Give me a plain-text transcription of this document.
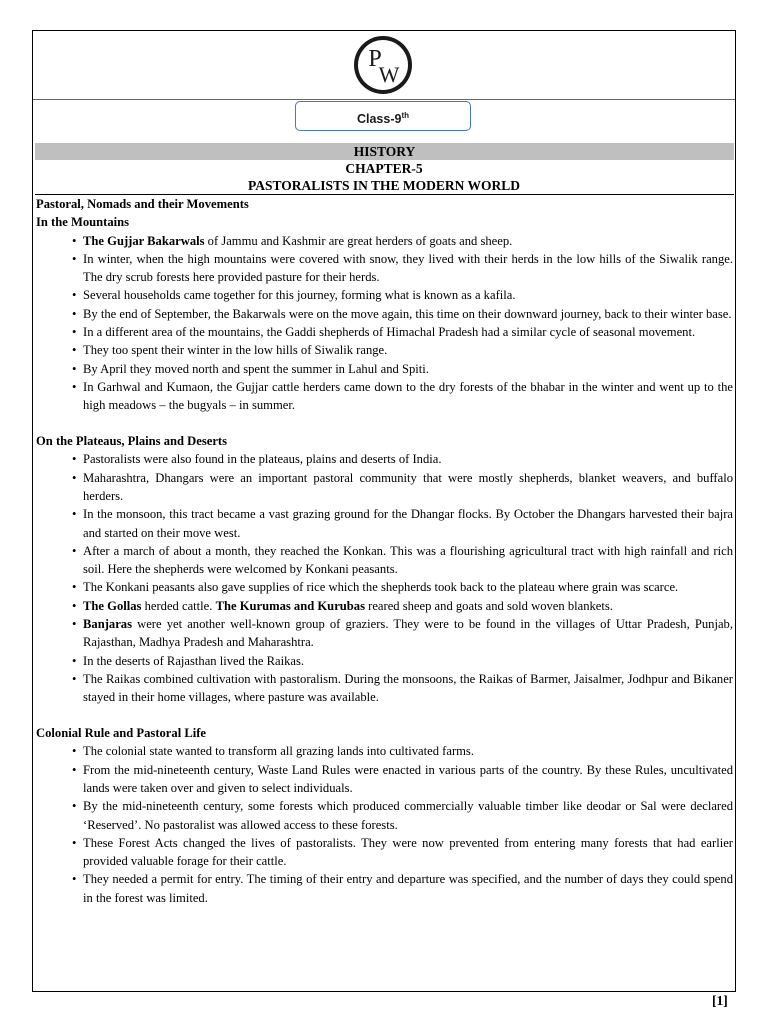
P
W
Class-9th
HISTORY
CHAPTER-5
PASTORALISTS IN THE MODERN WORLD
Pastoral, Nomads and their Movements
In the Mountains
• The Gujjar Bakarwals of Jammu and Kashmir are great herders of goats and sheep.
• In winter, when the high mountains were covered with snow, they lived with their herds in the low hills of the Siwalik range. The dry scrub forests here provided pasture for their herds.
• Several households came together for this journey, forming what is known as a kafila.
• By the end of September, the Bakarwals were on the move again, this time on their downward journey, back to their winter base.
• In a different area of the mountains, the Gaddi shepherds of Himachal Pradesh had a similar cycle of seasonal movement.
• They too spent their winter in the low hills of Siwalik range.
• By April they moved north and spent the summer in Lahul and Spiti.
• In Garhwal and Kumaon, the Gujjar cattle herders came down to the dry forests of the bhabar in the winter and went up to the high meadows – the bugyals – in summer.
On the Plateaus, Plains and Deserts
• Pastoralists were also found in the plateaus, plains and deserts of India.
• Maharashtra, Dhangars were an important pastoral community that were mostly shepherds, blanket weavers, and buffalo herders.
• In the monsoon, this tract became a vast grazing ground for the Dhangar flocks. By October the Dhangars harvested their bajra and started on their move west.
• After a march of about a month, they reached the Konkan. This was a flourishing agricultural tract with high rainfall and rich soil. Here the shepherds were welcomed by Konkani peasants.
• The Konkani peasants also gave supplies of rice which the shepherds took back to the plateau where grain was scarce.
• The Gollas herded cattle. The Kurumas and Kurubas reared sheep and goats and sold woven blankets.
• Banjaras were yet another well-known group of graziers. They were to be found in the villages of Uttar Pradesh, Punjab, Rajasthan, Madhya Pradesh and Maharashtra.
• In the deserts of Rajasthan lived the Raikas.
• The Raikas combined cultivation with pastoralism. During the monsoons, the Raikas of Barmer, Jaisalmer, Jodhpur and Bikaner stayed in their home villages, where pasture was available.
Colonial Rule and Pastoral Life
• The colonial state wanted to transform all grazing lands into cultivated farms.
• From the mid-nineteenth century, Waste Land Rules were enacted in various parts of the country. By these Rules, uncultivated lands were taken over and given to select individuals.
• By the mid-nineteenth century, some forests which produced commercially valuable timber like deodar or Sal were declared ‘Reserved’. No pastoralist was allowed access to these forests.
• These Forest Acts changed the lives of pastoralists. They were now prevented from entering many forests that had earlier provided valuable forage for their cattle.
• They needed a permit for entry. The timing of their entry and departure was specified, and the number of days they could spend in the forest was limited.
[1]
